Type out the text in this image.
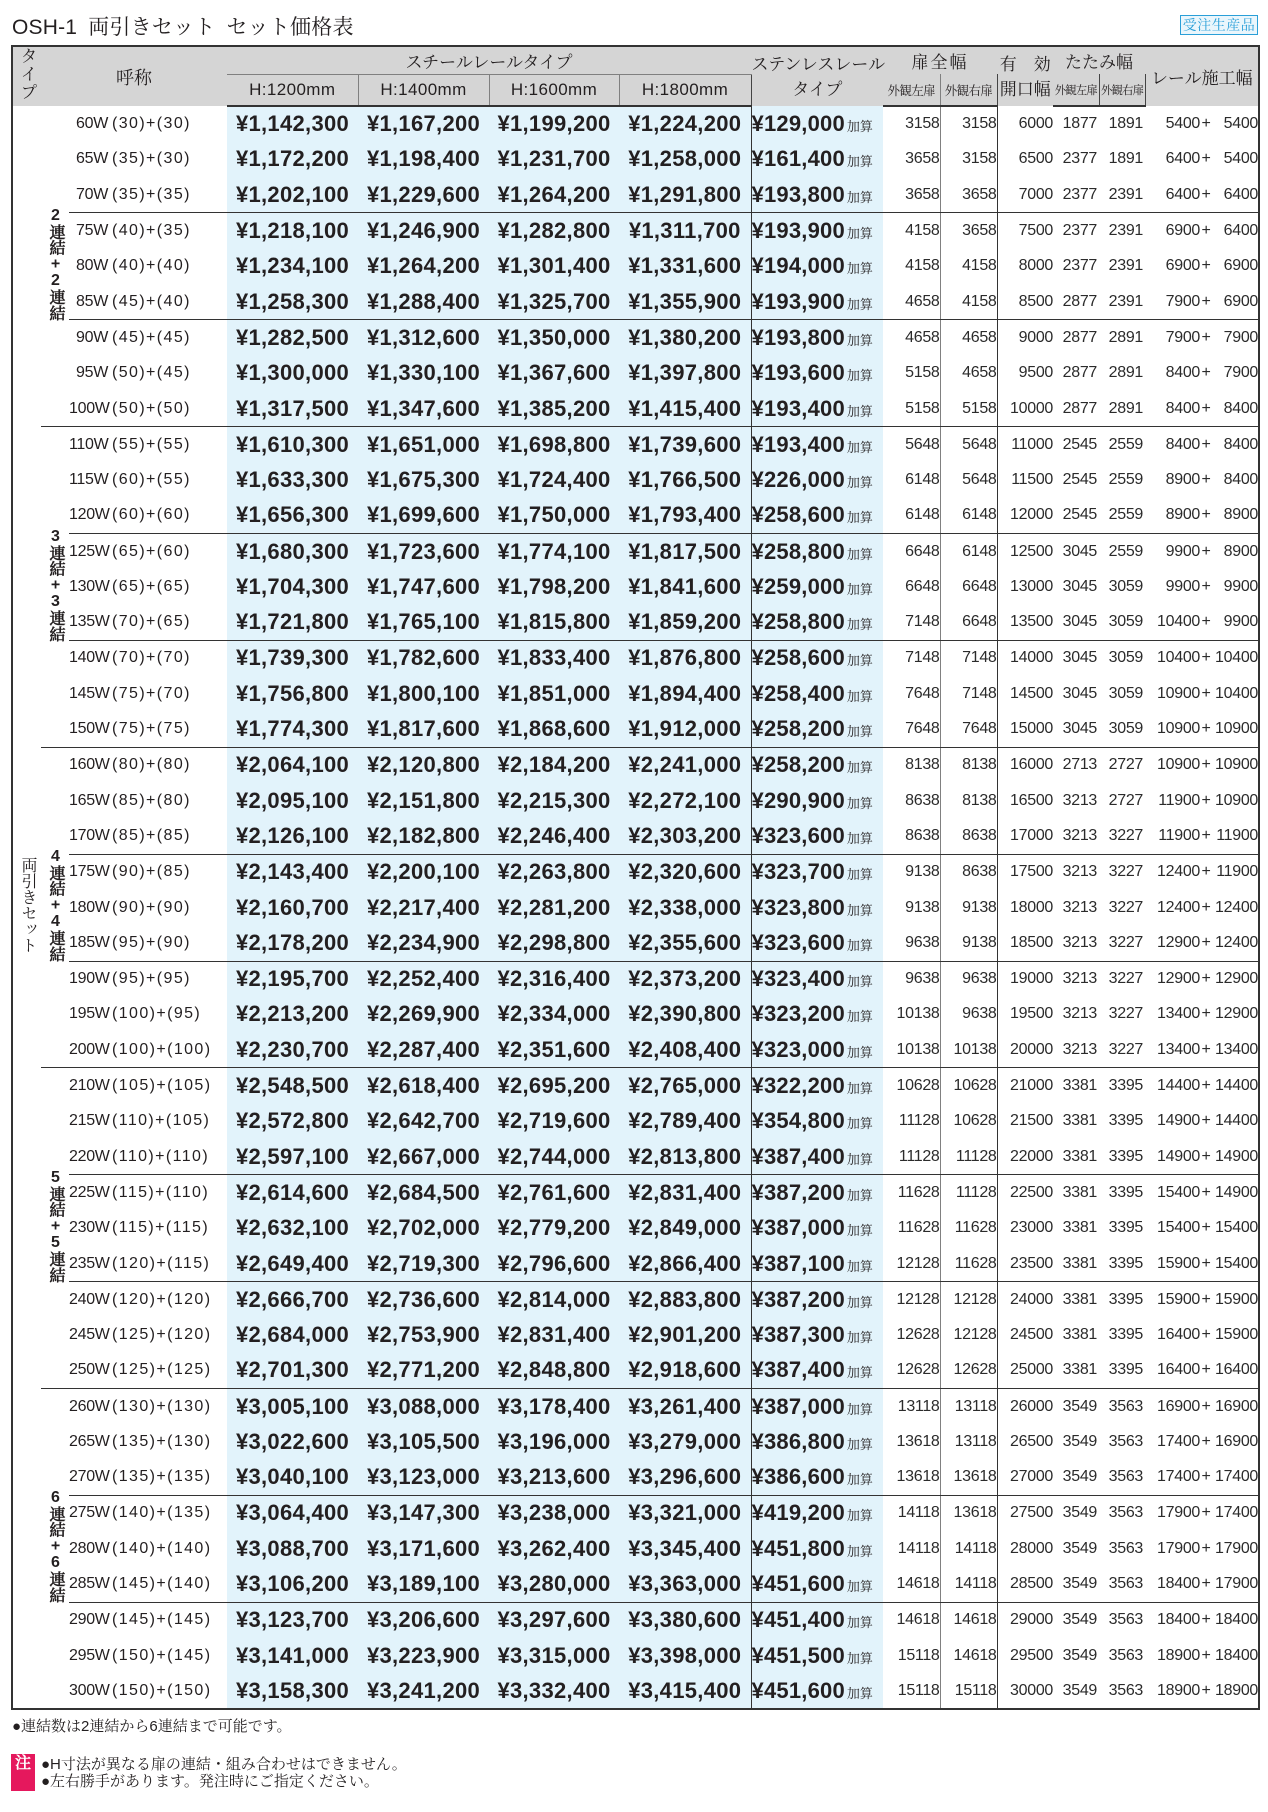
OSH-1 両引きセット セット価格表	受注生産品
タイプ	呼称		スチールレールタイプ				ステンレスレール
タイプ	扉全幅		有　効
開口幅	たたみ幅		レール施工幅
			H:1200mm	H:1400mm	H:1600mm	H:1800mm		外観左扉	外観右扉		外観左扉	外観右扉	
両引きセット	2連結+2連結	60W (30)+(30)	¥1,142,300	¥1,167,200	¥1,199,200	¥1,224,200	¥129,000 加算	3158	3158	6000	1877	1891	5400+ 5400
		65W (35)+(30)	¥1,172,200	¥1,198,400	¥1,231,700	¥1,258,000	¥161,400 加算	3658	3158	6500	2377	1891	6400+ 5400
		70W (35)+(35)	¥1,202,100	¥1,229,600	¥1,264,200	¥1,291,800	¥193,800 加算	3658	3658	7000	2377	2391	6400+ 6400
		75W (40)+(35)	¥1,218,100	¥1,246,900	¥1,282,800	¥1,311,700	¥193,900 加算	4158	3658	7500	2377	2391	6900+ 6400
		80W (40)+(40)	¥1,234,100	¥1,264,200	¥1,301,400	¥1,331,600	¥194,000 加算	4158	4158	8000	2377	2391	6900+ 6900
		85W (45)+(40)	¥1,258,300	¥1,288,400	¥1,325,700	¥1,355,900	¥193,900 加算	4658	4158	8500	2877	2391	7900+ 6900
		90W (45)+(45)	¥1,282,500	¥1,312,600	¥1,350,000	¥1,380,200	¥193,800 加算	4658	4658	9000	2877	2891	7900+ 7900
		95W (50)+(45)	¥1,300,000	¥1,330,100	¥1,367,600	¥1,397,800	¥193,600 加算	5158	4658	9500	2877	2891	8400+ 7900
		100W (50)+(50)	¥1,317,500	¥1,347,600	¥1,385,200	¥1,415,400	¥193,400 加算	5158	5158	10000	2877	2891	8400+ 8400
	3連結+3連結	110W (55)+(55)	¥1,610,300	¥1,651,000	¥1,698,800	¥1,739,600	¥193,400 加算	5648	5648	11000	2545	2559	8400+ 8400
		115W (60)+(55)	¥1,633,300	¥1,675,300	¥1,724,400	¥1,766,500	¥226,000 加算	6148	5648	11500	2545	2559	8900+ 8400
		120W (60)+(60)	¥1,656,300	¥1,699,600	¥1,750,000	¥1,793,400	¥258,600 加算	6148	6148	12000	2545	2559	8900+ 8900
		125W (65)+(60)	¥1,680,300	¥1,723,600	¥1,774,100	¥1,817,500	¥258,800 加算	6648	6148	12500	3045	2559	9900+ 8900
		130W (65)+(65)	¥1,704,300	¥1,747,600	¥1,798,200	¥1,841,600	¥259,000 加算	6648	6648	13000	3045	3059	9900+ 9900
		135W (70)+(65)	¥1,721,800	¥1,765,100	¥1,815,800	¥1,859,200	¥258,800 加算	7148	6648	13500	3045	3059	10400+ 9900
		140W (70)+(70)	¥1,739,300	¥1,782,600	¥1,833,400	¥1,876,800	¥258,600 加算	7148	7148	14000	3045	3059	10400+ 10400
		145W (75)+(70)	¥1,756,800	¥1,800,100	¥1,851,000	¥1,894,400	¥258,400 加算	7648	7148	14500	3045	3059	10900+ 10400
		150W (75)+(75)	¥1,774,300	¥1,817,600	¥1,868,600	¥1,912,000	¥258,200 加算	7648	7648	15000	3045	3059	10900+ 10900
	4連結+4連結	160W (80)+(80)	¥2,064,100	¥2,120,800	¥2,184,200	¥2,241,000	¥258,200 加算	8138	8138	16000	2713	2727	10900+ 10900
		165W (85)+(80)	¥2,095,100	¥2,151,800	¥2,215,300	¥2,272,100	¥290,900 加算	8638	8138	16500	3213	2727	11900+ 10900
		170W (85)+(85)	¥2,126,100	¥2,182,800	¥2,246,400	¥2,303,200	¥323,600 加算	8638	8638	17000	3213	3227	11900+ 11900
		175W (90)+(85)	¥2,143,400	¥2,200,100	¥2,263,800	¥2,320,600	¥323,700 加算	9138	8638	17500	3213	3227	12400+ 11900
		180W (90)+(90)	¥2,160,700	¥2,217,400	¥2,281,200	¥2,338,000	¥323,800 加算	9138	9138	18000	3213	3227	12400+ 12400
		185W (95)+(90)	¥2,178,200	¥2,234,900	¥2,298,800	¥2,355,600	¥323,600 加算	9638	9138	18500	3213	3227	12900+ 12400
		190W (95)+(95)	¥2,195,700	¥2,252,400	¥2,316,400	¥2,373,200	¥323,400 加算	9638	9638	19000	3213	3227	12900+ 12900
		195W (100)+(95)	¥2,213,200	¥2,269,900	¥2,334,000	¥2,390,800	¥323,200 加算	10138	9638	19500	3213	3227	13400+ 12900
		200W (100)+(100)	¥2,230,700	¥2,287,400	¥2,351,600	¥2,408,400	¥323,000 加算	10138	10138	20000	3213	3227	13400+ 13400
	5連結+5連結	210W (105)+(105)	¥2,548,500	¥2,618,400	¥2,695,200	¥2,765,000	¥322,200 加算	10628	10628	21000	3381	3395	14400+ 14400
		215W (110)+(105)	¥2,572,800	¥2,642,700	¥2,719,600	¥2,789,400	¥354,800 加算	11128	10628	21500	3381	3395	14900+ 14400
		220W (110)+(110)	¥2,597,100	¥2,667,000	¥2,744,000	¥2,813,800	¥387,400 加算	11128	11128	22000	3381	3395	14900+ 14900
		225W (115)+(110)	¥2,614,600	¥2,684,500	¥2,761,600	¥2,831,400	¥387,200 加算	11628	11128	22500	3381	3395	15400+ 14900
		230W (115)+(115)	¥2,632,100	¥2,702,000	¥2,779,200	¥2,849,000	¥387,000 加算	11628	11628	23000	3381	3395	15400+ 15400
		235W (120)+(115)	¥2,649,400	¥2,719,300	¥2,796,600	¥2,866,400	¥387,100 加算	12128	11628	23500	3381	3395	15900+ 15400
		240W (120)+(120)	¥2,666,700	¥2,736,600	¥2,814,000	¥2,883,800	¥387,200 加算	12128	12128	24000	3381	3395	15900+ 15900
		245W (125)+(120)	¥2,684,000	¥2,753,900	¥2,831,400	¥2,901,200	¥387,300 加算	12628	12128	24500	3381	3395	16400+ 15900
		250W (125)+(125)	¥2,701,300	¥2,771,200	¥2,848,800	¥2,918,600	¥387,400 加算	12628	12628	25000	3381	3395	16400+ 16400
	6連結+6連結	260W (130)+(130)	¥3,005,100	¥3,088,000	¥3,178,400	¥3,261,400	¥387,000 加算	13118	13118	26000	3549	3563	16900+ 16900
		265W (135)+(130)	¥3,022,600	¥3,105,500	¥3,196,000	¥3,279,000	¥386,800 加算	13618	13118	26500	3549	3563	17400+ 16900
		270W (135)+(135)	¥3,040,100	¥3,123,000	¥3,213,600	¥3,296,600	¥386,600 加算	13618	13618	27000	3549	3563	17400+ 17400
		275W (140)+(135)	¥3,064,400	¥3,147,300	¥3,238,000	¥3,321,000	¥419,200 加算	14118	13618	27500	3549	3563	17900+ 17400
		280W (140)+(140)	¥3,088,700	¥3,171,600	¥3,262,400	¥3,345,400	¥451,800 加算	14118	14118	28000	3549	3563	17900+ 17900
		285W (145)+(140)	¥3,106,200	¥3,189,100	¥3,280,000	¥3,363,000	¥451,600 加算	14618	14118	28500	3549	3563	18400+ 17900
		290W (145)+(145)	¥3,123,700	¥3,206,600	¥3,297,600	¥3,380,600	¥451,400 加算	14618	14618	29000	3549	3563	18400+ 18400
		295W (150)+(145)	¥3,141,000	¥3,223,900	¥3,315,000	¥3,398,000	¥451,500 加算	15118	14618	29500	3549	3563	18900+ 18400
		300W (150)+(150)	¥3,158,300	¥3,241,200	¥3,332,400	¥3,415,400	¥451,600 加算	15118	15118	30000	3549	3563	18900+ 18900
●連結数は2連結から6連結まで可能です。
注 ●H寸法が異なる扉の連結・組み合わせはできません。
●左右勝手があります。発注時にご指定ください。
